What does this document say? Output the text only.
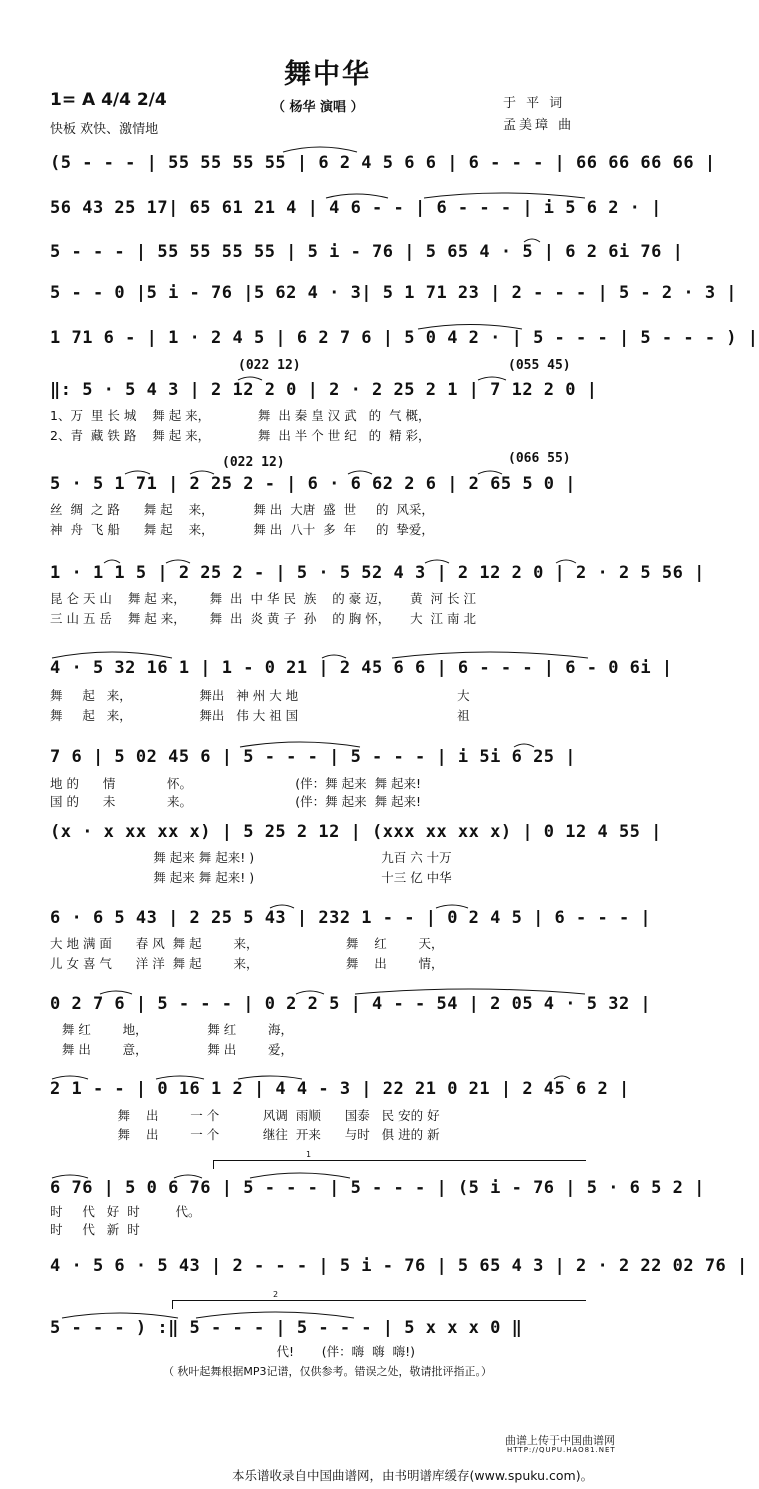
舞中华
1= A 4/4 2/4
快板 欢快、激情地
（ 杨华 演唱 ）	于 平 词
孟美璋 曲
(5 - - - | 55 55 55 55 | 6 2 4 5 6 6 | 6 - - - | 66 66 66 66 |
56 43 25 17| 65 61 21 4 | 4 6 - - | 6 - - - | i 5 6 2 · |
5 - - - | 55 55 55 55 | 5 i - 76 | 5 65 4 · 5 | 6 2 6i 76 |
5 - - 0 |5 i - 76 |5 62 4 · 3| 5 1 71 23 | 2 - - - | 5 - 2 · 3 |
1 71 6 - | 1 · 2 4 5 | 6 2 7 6 | 5 0 4 2 · | 5 - - - | 5 - - - ) |
(022 12)	(055 45)
‖: 5 · 5 4 3 | 2 12 2 0 | 2 · 2 25 2 1 | 7 12 2 0 |
1、万  里 长 城    舞 起 来，            舞  出 秦 皇 汉 武   的  气 概，
2、青  藏 铁 路    舞 起 来，            舞  出 半 个 世 纪   的  精 彩，
(022 12)	(066 55)
5 · 5 1 71 | 2 25 2 - | 6 · 6 62 2 6 | 2 65 5 0 |
丝  绸  之 路      舞 起    来，          舞 出  大唐  盛  世     的  风采，
神  舟  飞 船      舞 起    来，          舞 出  八十  多  年     的  挚爱，
1 · 1 1 5 | 2 25 2 - | 5 · 5 52 4 3 | 2 12 2 0 | 2 · 2 5 56 |
昆 仑 天 山    舞 起 来，      舞  出  中 华 民  族    的 豪 迈，     黄  河 长 江
三 山 五 岳    舞 起 来，      舞  出  炎 黄 子  孙    的 胸 怀，     大  江 南 北
4 · 5 32 16 1 | 1 - 0 21 | 2 45 6 6 | 6 - - - | 6 - 0 6i |
舞     起   来，                 舞出   神 州 大 地                                        大
舞     起   来，                 舞出   伟 大 祖 国                                        祖
7 6 | 5 02 45 6 | 5 - - - | 5 - - - | i 5i 6 25 |
地 的      情             怀。                          (伴：舞 起来  舞 起来!
国 的      未             来。                          (伴：舞 起来  舞 起来!
(x · x xx xx x) | 5 25 2 12 | (xxx xx xx x) | 0 12 4 55 |
舞 起来 舞 起来! )                                九百 六 十万
舞 起来 舞 起来! )                                十三 亿 中华
6 · 6 5 43 | 2 25 5 43 | 232 1 - - | 0 2 4 5 | 6 - - - |
大 地 满 面      春 风  舞 起        来，                      舞    红        天，
儿 女 喜 气      洋 洋  舞 起        来，                      舞    出        情，
0 2 7 6 | 5 - - - | 0 2 2 5 | 4 - - 54 | 2 05 4 · 5 32 |
舞 红        地，               舞 红        海，
舞 出        意，               舞 出        爱，
2 1 - - | 0 16 1 2 | 4 4 - 3 | 22 21 0 21 | 2 45 6 2 |
舞    出        一 个           风调  雨顺      国泰   民 安的 好
舞    出        一 个           继往  开来      与时   俱 进的 新
1
6 76 | 5 0 6 76 | 5 - - - | 5 - - - | (5 i - 76 | 5 · 6 5 2 |
时     代   好  时         代。
时     代   新  时
4 · 5 6 · 5 43 | 2 - - - | 5 i - 76 | 5 65 4 3 | 2 · 2 22 02 76 |
2
5 - - - ) :‖ 5 - - - | 5 - - - | 5 x x x 0 ‖
代!       (伴：嗨  嗨  嗨!)
（ 秋叶起舞根据MP3记谱，仅供参考。错误之处，敬请批评指正。）
曲谱上传于中国曲谱网
HTTP://QUPU.HAO81.NET
本乐谱收录自中国曲谱网，由书明谱库缓存(www.spuku.com)。
